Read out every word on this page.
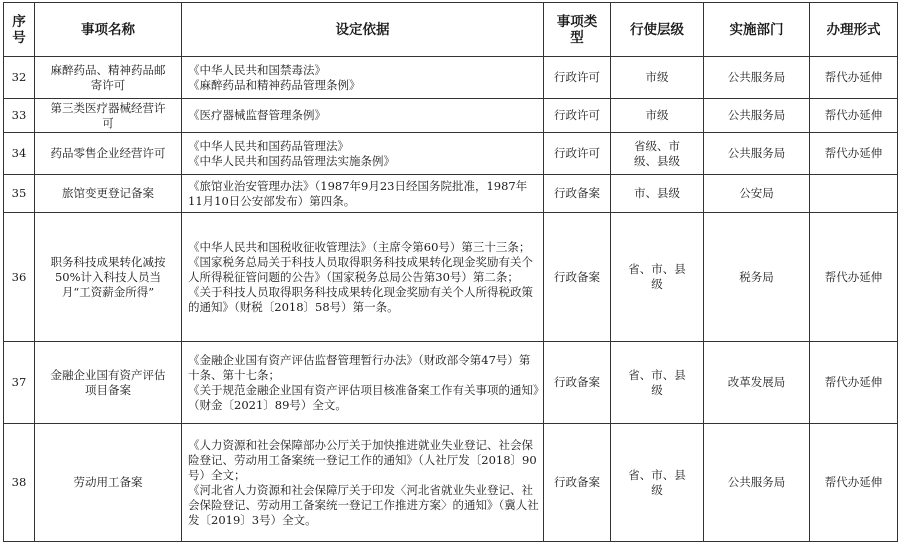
序号	事项名称	设定依据	事项类型	行使层级	实施部门	办理形式
32	麻醉药品、精神药品邮寄许可	《中华人民共和国禁毒法》
《麻醉药品和精神药品管理条例》	行政许可	市级	公共服务局	帮代办延伸
33	第三类医疗器械经营许可	《医疗器械监督管理条例》	行政许可	市级	公共服务局	帮代办延伸
34	药品零售企业经营许可	《中华人民共和国药品管理法》
《中华人民共和国药品管理法实施条例》	行政许可	省级、市级、县级	公共服务局	帮代办延伸
35	旅馆变更登记备案	《旅馆业治安管理办法》（1987年9月23日经国务院批准，1987年11月10日公安部发布）第四条。	行政备案	市、县级	公安局	
36	职务科技成果转化减按50%计入科技人员当月“工资薪金所得”	《中华人民共和国税收征收管理法》（主席令第60号）第三十三条；
《国家税务总局关于科技人员取得职务科技成果转化现金奖励有关个人所得税征管问题的公告》（国家税务总局公告第30号）第二条；
《关于科技人员取得职务科技成果转化现金奖励有关个人所得税政策的通知》（财税〔2018〕58号）第一条。	行政备案	省、市、县级	税务局	帮代办延伸
37	金融企业国有资产评估项目备案	《金融企业国有资产评估监督管理暂行办法》（财政部令第47号）第十条、第十七条；
《关于规范金融企业国有资产评估项目核准备案工作有关事项的通知》（财金〔2021〕89号）全文。	行政备案	省、市、县级	改革发展局	帮代办延伸
38	劳动用工备案	《人力资源和社会保障部办公厅关于加快推进就业失业登记、社会保险登记、劳动用工备案统一登记工作的通知》（人社厅发〔2018〕90号）全文；
《河北省人力资源和社会保障厅关于印发〈河北省就业失业登记、社会保险登记、劳动用工备案统一登记工作推进方案〉的通知》（冀人社发〔2019〕3号）全文。	行政备案	省、市、县级	公共服务局	帮代办延伸
